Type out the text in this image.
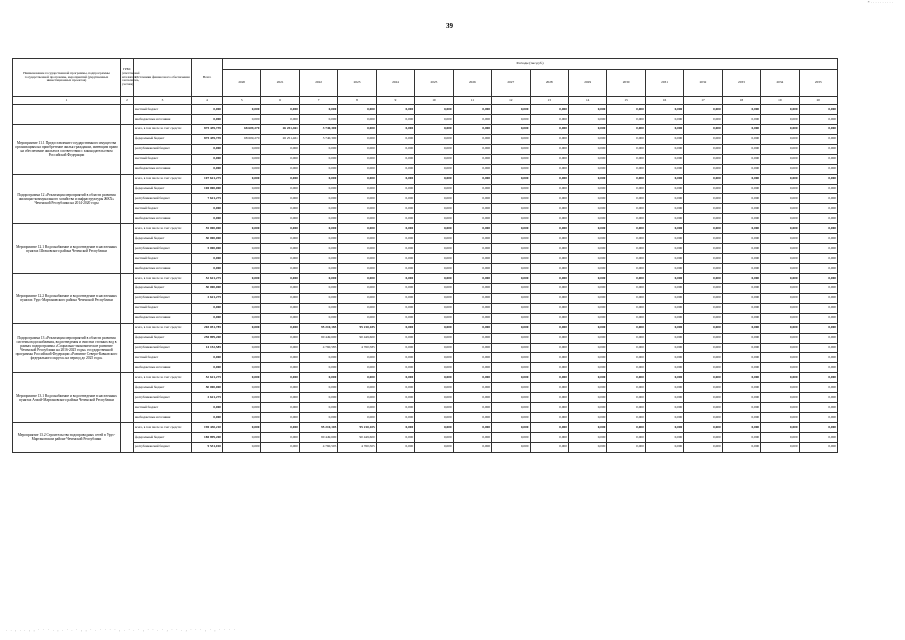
39
* · · · · · · · · · ·
Наименование государственной программы, подпрограммы государственной программы, мероприятий (укрупненных инвестиционных проектов)	ГРБС
(ответственный исполнитель, соисполнитель, участник)	Источники финансового обеспечения	Всего	Расходы (тыс.руб.)															
				2020	2021	2022	2023	2024	2025	2026	2027	2028	2029	2030	2031	2032	2033	2034	2035
1	2	3	4	5	6	7	8	9	10	11	12	13	14	15	16	17	18	19	20
		местный бюджет	0,000	0,000	0,000	0,000	0,000	0,000	0,000	0,000	0,000	0,000	0,000	0,000	0,000	0,000	0,000	0,000	0,000
		внебюджетные источники	0,000	0,000	0,000	0,000	0,000	0,000	0,000	0,000	0,000	0,000	0,000	0,000	0,000	0,000	0,000	0,000	0,000
Мероприятие 11.1 Предоставление государственного имущества организациям на приобретение жилья гражданам, имеющим право на обеспечение жильем в соответствии с законодательством Российской Федерации		всего, в том числе за счет средств:	875 439,739	68 609,270	26 251,461	3 740,300	0,000	0,000	0,000	0,000	0,000	0,000	0,000	0,000	0,000	0,000	0,000	0,000	0,000
		федеральный бюджет	875 439,739	68 609,270	26 251,461	3 740,300	0,000	0,000	0,000	0,000	0,000	0,000	0,000	0,000	0,000	0,000	0,000	0,000	0,000
		республиканский бюджет	0,000	0,000	0,000	0,000	0,000	0,000	0,000	0,000	0,000	0,000	0,000	0,000	0,000	0,000	0,000	0,000	0,000
		местный бюджет	0,000	0,000	0,000	0,000	0,000	0,000	0,000	0,000	0,000	0,000	0,000	0,000	0,000	0,000	0,000	0,000	0,000
		внебюджетные источники	0,000	0,000	0,000	0,000	0,000	0,000	0,000	0,000	0,000	0,000	0,000	0,000	0,000	0,000	0,000	0,000	0,000
Подпрограмма 12 «Реализация мероприятий в области развития жилищно-коммунального хозяйства и инфраструктуры ЖКХ» Чеченской Республики на 2014-2020 годы		всего, в том числе за счет средств:	107 621,275	0,000	0,000	0,000	0,000	0,000	0,000	0,000	0,000	0,000	0,000	0,000	0,000	0,000	0,000	0,000	0,000
		федеральный бюджет	100 000,000	0,000	0,000	0,000	0,000	0,000	0,000	0,000	0,000	0,000	0,000	0,000	0,000	0,000	0,000	0,000	0,000
		республиканский бюджет	7 621,275	0,000	0,000	0,000	0,000	0,000	0,000	0,000	0,000	0,000	0,000	0,000	0,000	0,000	0,000	0,000	0,000
		местный бюджет	0,000	0,000	0,000	0,000	0,000	0,000	0,000	0,000	0,000	0,000	0,000	0,000	0,000	0,000	0,000	0,000	0,000
		внебюджетные источники	0,000	0,000	0,000	0,000	0,000	0,000	0,000	0,000	0,000	0,000	0,000	0,000	0,000	0,000	0,000	0,000	0,000
Мероприятие 12.1 Водоснабжение и водоотведение в населенных пунктах Шелковского района Чеченской Республики		всего, в том числе за счет средств:	55 000,000	0,000	0,000	0,000	0,000	0,000	0,000	0,000	0,000	0,000	0,000	0,000	0,000	0,000	0,000	0,000	0,000
		федеральный бюджет	50 000,000	0,000	0,000	0,000	0,000	0,000	0,000	0,000	0,000	0,000	0,000	0,000	0,000	0,000	0,000	0,000	0,000
		республиканский бюджет	5 000,000	0,000	0,000	0,000	0,000	0,000	0,000	0,000	0,000	0,000	0,000	0,000	0,000	0,000	0,000	0,000	0,000
		местный бюджет	0,000	0,000	0,000	0,000	0,000	0,000	0,000	0,000	0,000	0,000	0,000	0,000	0,000	0,000	0,000	0,000	0,000
		внебюджетные источники	0,000	0,000	0,000	0,000	0,000	0,000	0,000	0,000	0,000	0,000	0,000	0,000	0,000	0,000	0,000	0,000	0,000
Мероприятие 12.2 Водоснабжение и водоотведение в населенных пунктах Урус-Мартановского района Чеченской Республики		всего, в том числе за счет средств:	52 621,275	0,000	0,000	0,000	0,000	0,000	0,000	0,000	0,000	0,000	0,000	0,000	0,000	0,000	0,000	0,000	0,000
		федеральный бюджет	50 000,000	0,000	0,000	0,000	0,000	0,000	0,000	0,000	0,000	0,000	0,000	0,000	0,000	0,000	0,000	0,000	0,000
		республиканский бюджет	2 621,275	0,000	0,000	0,000	0,000	0,000	0,000	0,000	0,000	0,000	0,000	0,000	0,000	0,000	0,000	0,000	0,000
		местный бюджет	0,000	0,000	0,000	0,000	0,000	0,000	0,000	0,000	0,000	0,000	0,000	0,000	0,000	0,000	0,000	0,000	0,000
		внебюджетные источники	0,000	0,000	0,000	0,000	0,000	0,000	0,000	0,000	0,000	0,000	0,000	0,000	0,000	0,000	0,000	0,000	0,000
Подпрограмма 13 «Реализация мероприятий в области развития системы водоснабжения, водоотведения и очистки сточных вод в рамках подпрограммы «Социально-экономическое развитие Чеченской Республики на 2016-2025 годы» государственной программы Российской Федерации «Развитие Северо-Кавказского федерального округа» на период до 2025 года»		всего, в том числе за счет средств:	265 051,785	0,000	0,000	95 210,185	95 210,185	0,000	0,000	0,000	0,000	0,000	0,000	0,000	0,000	0,000	0,000	0,000	0,000
		федеральный бюджет	250 899,200	0,000	0,000	90 449,600	90 449,600	0,000	0,000	0,000	0,000	0,000	0,000	0,000	0,000	0,000	0,000	0,000	0,000
		республиканский бюджет	14 152,585	0,000	0,000	4 760,585	4 760,585	0,000	0,000	0,000	0,000	0,000	0,000	0,000	0,000	0,000	0,000	0,000	0,000
		местный бюджет	0,000	0,000	0,000	0,000	0,000	0,000	0,000	0,000	0,000	0,000	0,000	0,000	0,000	0,000	0,000	0,000	0,000
		внебюджетные источники	0,000	0,000	0,000	0,000	0,000	0,000	0,000	0,000	0,000	0,000	0,000	0,000	0,000	0,000	0,000	0,000	0,000
Мероприятие 13.1 Водоснабжение и водоотведение в населенных пунктах Ачхой-Мартановского района Чеченской Республики		всего, в том числе за счет средств:	52 621,275	0,000	0,000	0,000	0,000	0,000	0,000	0,000	0,000	0,000	0,000	0,000	0,000	0,000	0,000	0,000	0,000
		федеральный бюджет	50 000,000	0,000	0,000	0,000	0,000	0,000	0,000	0,000	0,000	0,000	0,000	0,000	0,000	0,000	0,000	0,000	0,000
		республиканский бюджет	2 621,275	0,000	0,000	0,000	0,000	0,000	0,000	0,000	0,000	0,000	0,000	0,000	0,000	0,000	0,000	0,000	0,000
		местный бюджет	0,000	0,000	0,000	0,000	0,000	0,000	0,000	0,000	0,000	0,000	0,000	0,000	0,000	0,000	0,000	0,000	0,000
		внебюджетные источники	0,000	0,000	0,000	0,000	0,000	0,000	0,000	0,000	0,000	0,000	0,000	0,000	0,000	0,000	0,000	0,000	0,000
Мероприятие 13.2 Строительство водопроводных сетей в Урус-Мартановском районе Чеченской Республики		всего, в том числе за счет средств:	190 430,210	0,000	0,000	95 210,105	95 210,105	0,000	0,000	0,000	0,000	0,000	0,000	0,000	0,000	0,000	0,000	0,000	0,000
		федеральный бюджет	180 899,200	0,000	0,000	90 449,600	90 449,600	0,000	0,000	0,000	0,000	0,000	0,000	0,000	0,000	0,000	0,000	0,000	0,000
		республиканский бюджет	9 531,010	0,000	0,000	4 760,505	4 760,505	0,000	0,000	0,000	0,000	0,000	0,000	0,000	0,000	0,000	0,000	0,000	0,000
. . , . . , , · · · . , . · . · , , · . · · · · , . · . · , · · . · , · · . , · · · , · , · · · ·
